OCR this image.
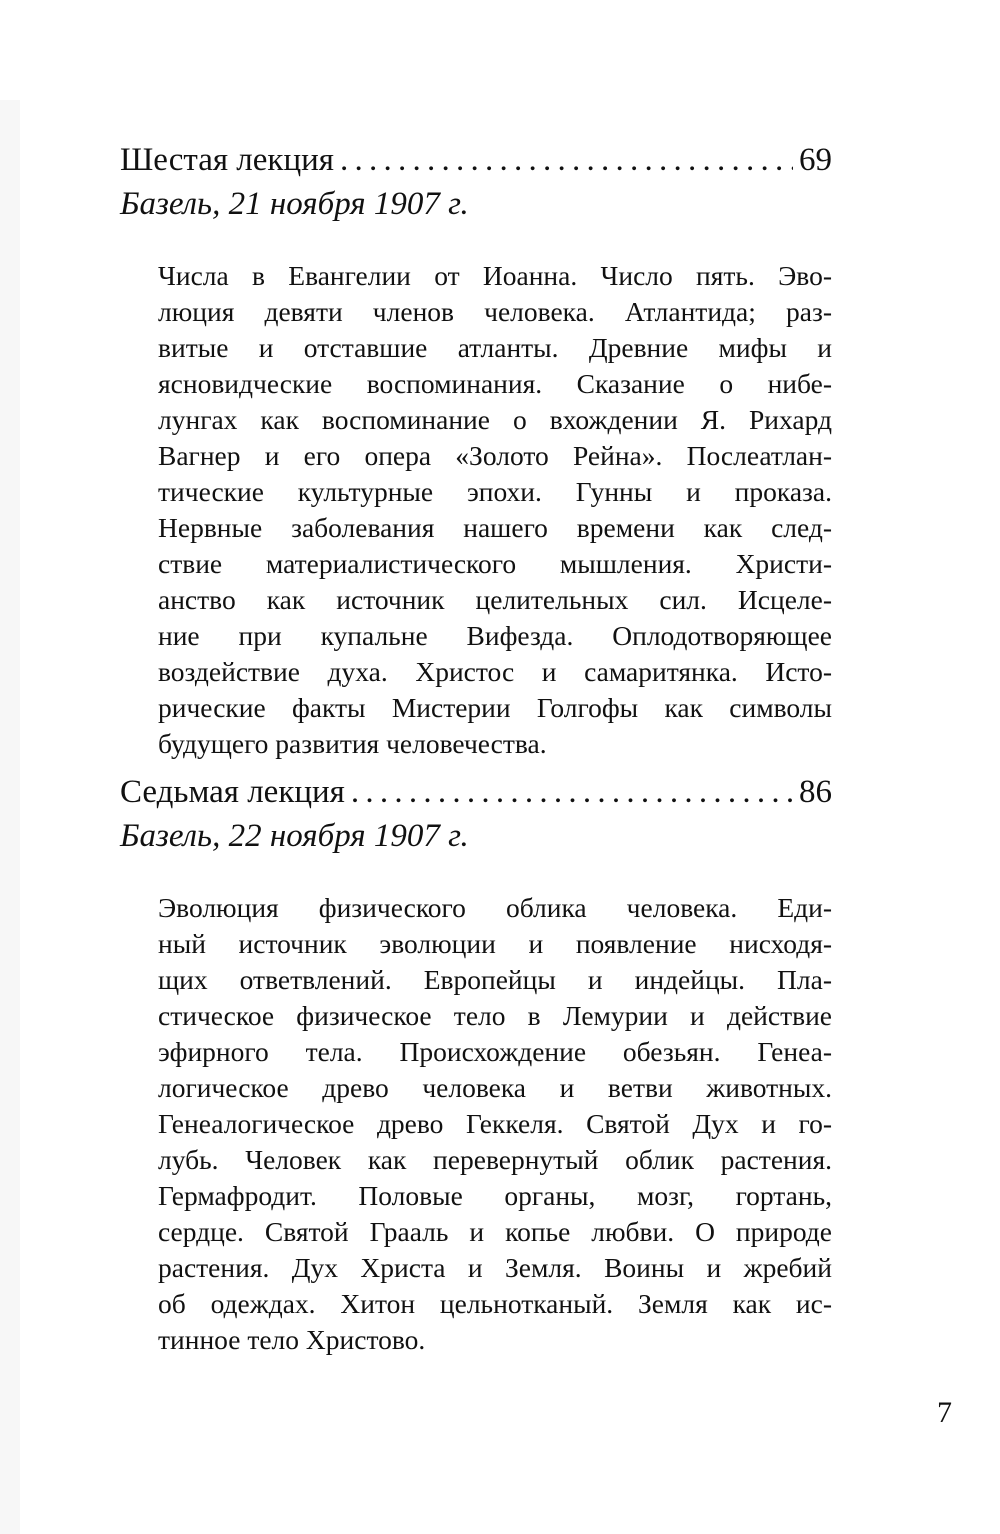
Шестая лекция . . .	69
Базель, 21 ноября 1907 г.
Числа в Евангелии от Иоанна. Число пять. Эво-
люция девяти членов человека. Атлантида; раз-
витые и отставшие атланты. Древние мифы и
ясновидческие воспоминания. Сказание о нибе-
лунгах как воспоминание о вхождении Я. Рихард
Вагнер и его опера «Золото Рейна». Послеатлан-
тические культурные эпохи. Гунны и проказа.
Нервные заболевания нашего времени как след-
ствие материалистического мышления. Христи-
анство как источник целительных сил. Исцеле-
ние при купальне Вифезда. Оплодотворяющее
воздействие духа. Христос и самаритянка. Исто-
рические факты Мистерии Голгофы как символы
будущего развития человечества.
Седьмая лекция . . .	86
Базель, 22 ноября 1907 г.
Эволюция физического облика человека. Еди-
ный источник эволюции и появление нисходя-
щих ответвлений. Европейцы и индейцы. Пла-
стическое физическое тело в Лемурии и действие
эфирного тела. Происхождение обезьян. Генеа-
логическое древо человека и ветви животных.
Генеалогическое древо Геккеля. Святой Дух и го-
лубь. Человек как перевернутый облик растения.
Гермафродит. Половые органы, мозг, гортань,
сердце. Святой Грааль и копье любви. О природе
растения. Дух Христа и Земля. Воины и жребий
об одеждах. Хитон цельнотканый. Земля как ис-
тинное тело Христово.
7
